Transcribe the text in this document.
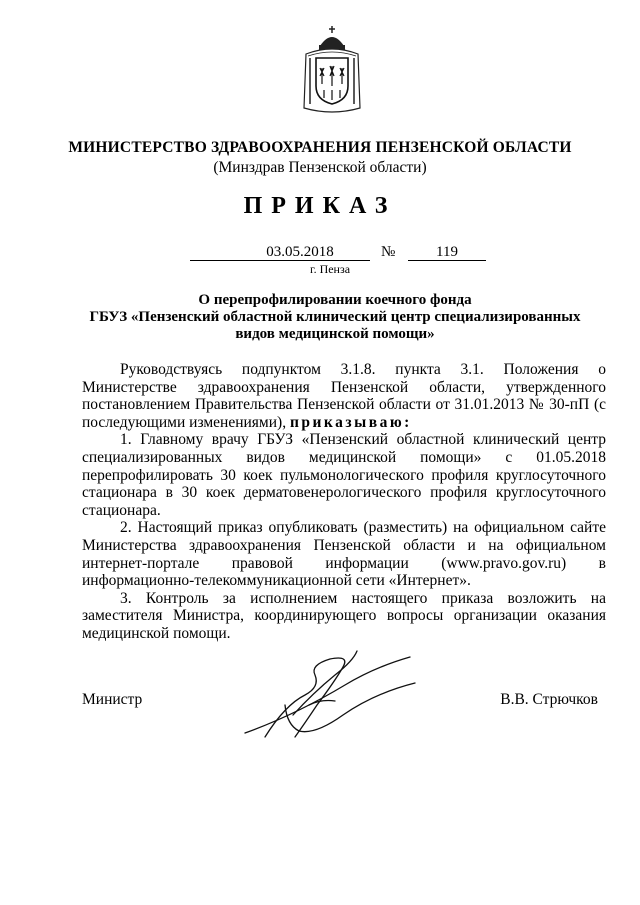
МИНИСТЕРСТВО ЗДРАВООХРАНЕНИЯ ПЕНЗЕНСКОЙ ОБЛАСТИ
(Минздрав Пензенской области)
ПРИКАЗ
03.05.2018	№	119
г. Пенза
О перепрофилировании коечного фонда
ГБУЗ «Пензенский областной клинический центр специализированных
видов медицинской помощи»

Руководствуясь подпунктом 3.1.8. пункта 3.1. Положения о Министерстве здравоохранения Пензенской области, утвержденного постановлением Правительства Пензенской области от 31.01.2013 № 30-пП (с последующими изменениями), приказываю:

1. Главному врачу ГБУЗ «Пензенский областной клинический центр специализированных видов медицинской помощи» с 01.05.2018 перепрофилировать 30 коек пульмонологического профиля круглосуточного стационара в 30 коек дерматовенерологического профиля круглосуточного стационара.

2. Настоящий приказ опубликовать (разместить) на официальном сайте Министерства здравоохранения Пензенской области и на официальном интернет-портале правовой информации (www.pravo.gov.ru) в информационно-телекоммуникационной сети «Интернет».

3. Контроль за исполнением настоящего приказа возложить на заместителя Министра, координирующего вопросы организации оказания медицинской помощи.

Министр	В.В. Стрючков
